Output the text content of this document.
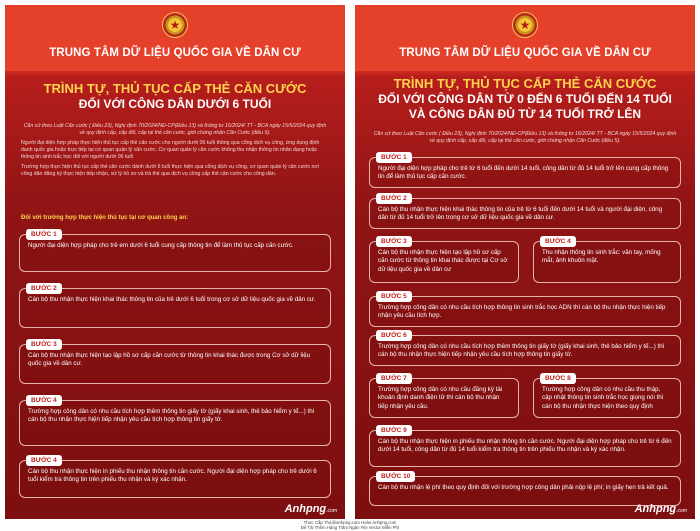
★
TRUNG TÂM DỮ LIỆU QUỐC GIA VỀ DÂN CƯ
TRÌNH TỰ, THỦ TỤC CẤP THẺ CĂN CƯỚC
ĐỐI VỚI CÔNG DÂN DƯỚI 6 TUỔI

Căn cứ theo Luật Căn cước ( Điều 23), Nghị định 70/2024/NĐ-CP(Điều 13) và thông tư 16/2024/ TT - BCA ngày 15/5/2024 quy định về quy định cấp, cấp đổi, cấp lại thẻ căn cước, giới chứng nhận Căn Cước (điều 5).

Người đại diện hợp pháp thực hiện thủ tục cấp thẻ căn cước cho người dưới 06 tuổi thông qua cổng dịch vụ công, ứng dụng định danh quốc gia hoặc trực tiếp tại cơ quan quản lý căn cước. Cơ quan quản lý căn cước không thu nhận thông tin nhân dạng hoặc thông tin sinh trắc học đối với người dưới 06 tuổi

Trường hợp thực hiện thủ tục cấp thẻ căn cước dành dưới 6 tuổi thực hiện qua cổng dịch vụ công, cơ quan quản lý căn cước nơi công dân đăng ký thực hiện tiếp nhận, xử lý hồ sơ và trả thẻ qua dịch vụ công cấp thẻ căn cước cho công dân.

Đối với trường hợp thực hiện thủ tục tại cơ quan công an:
BƯỚC 1
Người đại diện hợp pháp cho trẻ em dưới 6 tuổi cung cấp thông tin để làm thủ tục cấp căn cước.
BƯỚC 2
Cán bộ thu nhận thực hiện khai thác thông tin của trẻ dưới 6 tuổi trong cơ sở dữ liệu quốc gia về dân cư.
BƯỚC 3
Cán bộ thu nhận thực hiện tạo lập hồ sơ cấp căn cước từ thông tin khai thác được trong Cơ sở dữ liệu quốc gia về dân cư.
BƯỚC 4
Trường hợp công dân có nhu cầu tích hợp thêm thông tin giấy tờ (giấy khai sinh, thẻ bảo hiểm y tế...) thì cán bộ thu nhận thực hiện tiếp nhận yêu cầu tích hợp thông tin giấy tờ.
BƯỚC 4
Cán bộ thu nhận thực hiện in phiếu thu nhận thông tin căn cước. Người đại diện hợp pháp cho trẻ dưới 6 tuổi kiểm tra thông tin trên phiếu thu nhận và ký xác nhận.
Anhpng.com
★
TRUNG TÂM DỮ LIỆU QUỐC GIA VỀ DÂN CƯ
TRÌNH TỰ, THỦ TỤC CẤP THẺ CĂN CƯỚC
ĐỐI VỚI CÔNG DÂN TỪ 0 ĐẾN 6 TUỔI ĐẾN 14 TUỔI
VÀ CÔNG DÂN ĐỦ TỪ 14 TUỔI TRỞ LÊN

Căn cứ theo Luật Căn cước ( Điều 23), Nghị định 70/2024/NĐ-CP(Điều 13) và thông tư 16/2024/ TT - BCA ngày 15/5/2024 quy định về quy định cấp, cấp đổi, cấp lại thẻ căn cước, giới chứng nhận Căn Cước (điều 5).

BƯỚC 1
Người đại diện hợp pháp cho trẻ từ 6 tuổi đến dưới 14 tuổi, công dân từ đủ 14 tuổi trở lên cung cấp thông tin để làm thủ tục cấp căn cước.
BƯỚC 2
Cán bộ thu nhận thực hiện khai thác thông tin của trẻ từ 6 tuổi đến dưới 14 tuổi và người đại diện, công dân từ đủ 14 tuổi trở lên trong cơ sở dữ liệu quốc gia về dân cư.
BƯỚC 3
Cán bộ thu nhận thực hiện tạo lập hồ sơ cấp căn cước từ thông tin khai thác được tại Cơ sở dữ liệu quốc gia về dân cư
BƯỚC 4
Thu nhận thông tin sinh trắc: vân tay, mống mắt, ảnh khuôn mặt.
BƯỚC 5
Trường hợp công dân có nhu cầu tích hợp thông tin sinh trắc học ADN thì cán bộ thu nhận thực hiện tiếp nhận yêu cầu tích hợp.
BƯỚC 6
Trường hợp công dân có nhu cầu tích hợp thêm thông tin giấy tờ (giấy khai sinh, thẻ bảo hiểm y tế...) thì cán bộ thu nhận thực hiện tiếp nhận yêu cầu tích hợp thông tin giấy tờ.
BƯỚC 7
Trường hợp công dân có nhu cầu đăng ký tài khoản định danh điện tử thì cán bộ thu nhận tiếp nhận yêu cầu.
BƯỚC 8
Trường hợp công dân có nhu cầu thu thập, cập nhật thông tin sinh trắc học giọng nói thì cán bộ thu nhận thực hiện theo quy định
BƯỚC 9
Cán bộ thu nhận thực hiện in phiếu thu nhận thông tin căn cước. Người đại diện hợp pháp cho trẻ từ 6 đến dưới 14 tuổi, công dân từ đủ 14 tuổi kiểm tra thông tin trên phiếu thu nhận và ký xác nhận.
BƯỚC 10
Cán bộ thu nhận lệ phí theo quy định đối với trường hợp công dân phải nộp lệ phí; in giấy hẹn trả kết quả.
Anhpng.com
Thực Cấp Thứ@anhpng.com Hoàn Anhpng.com
Để Tải Thêm Hàng Trăm Ngàn File Vector Miễn Phí
